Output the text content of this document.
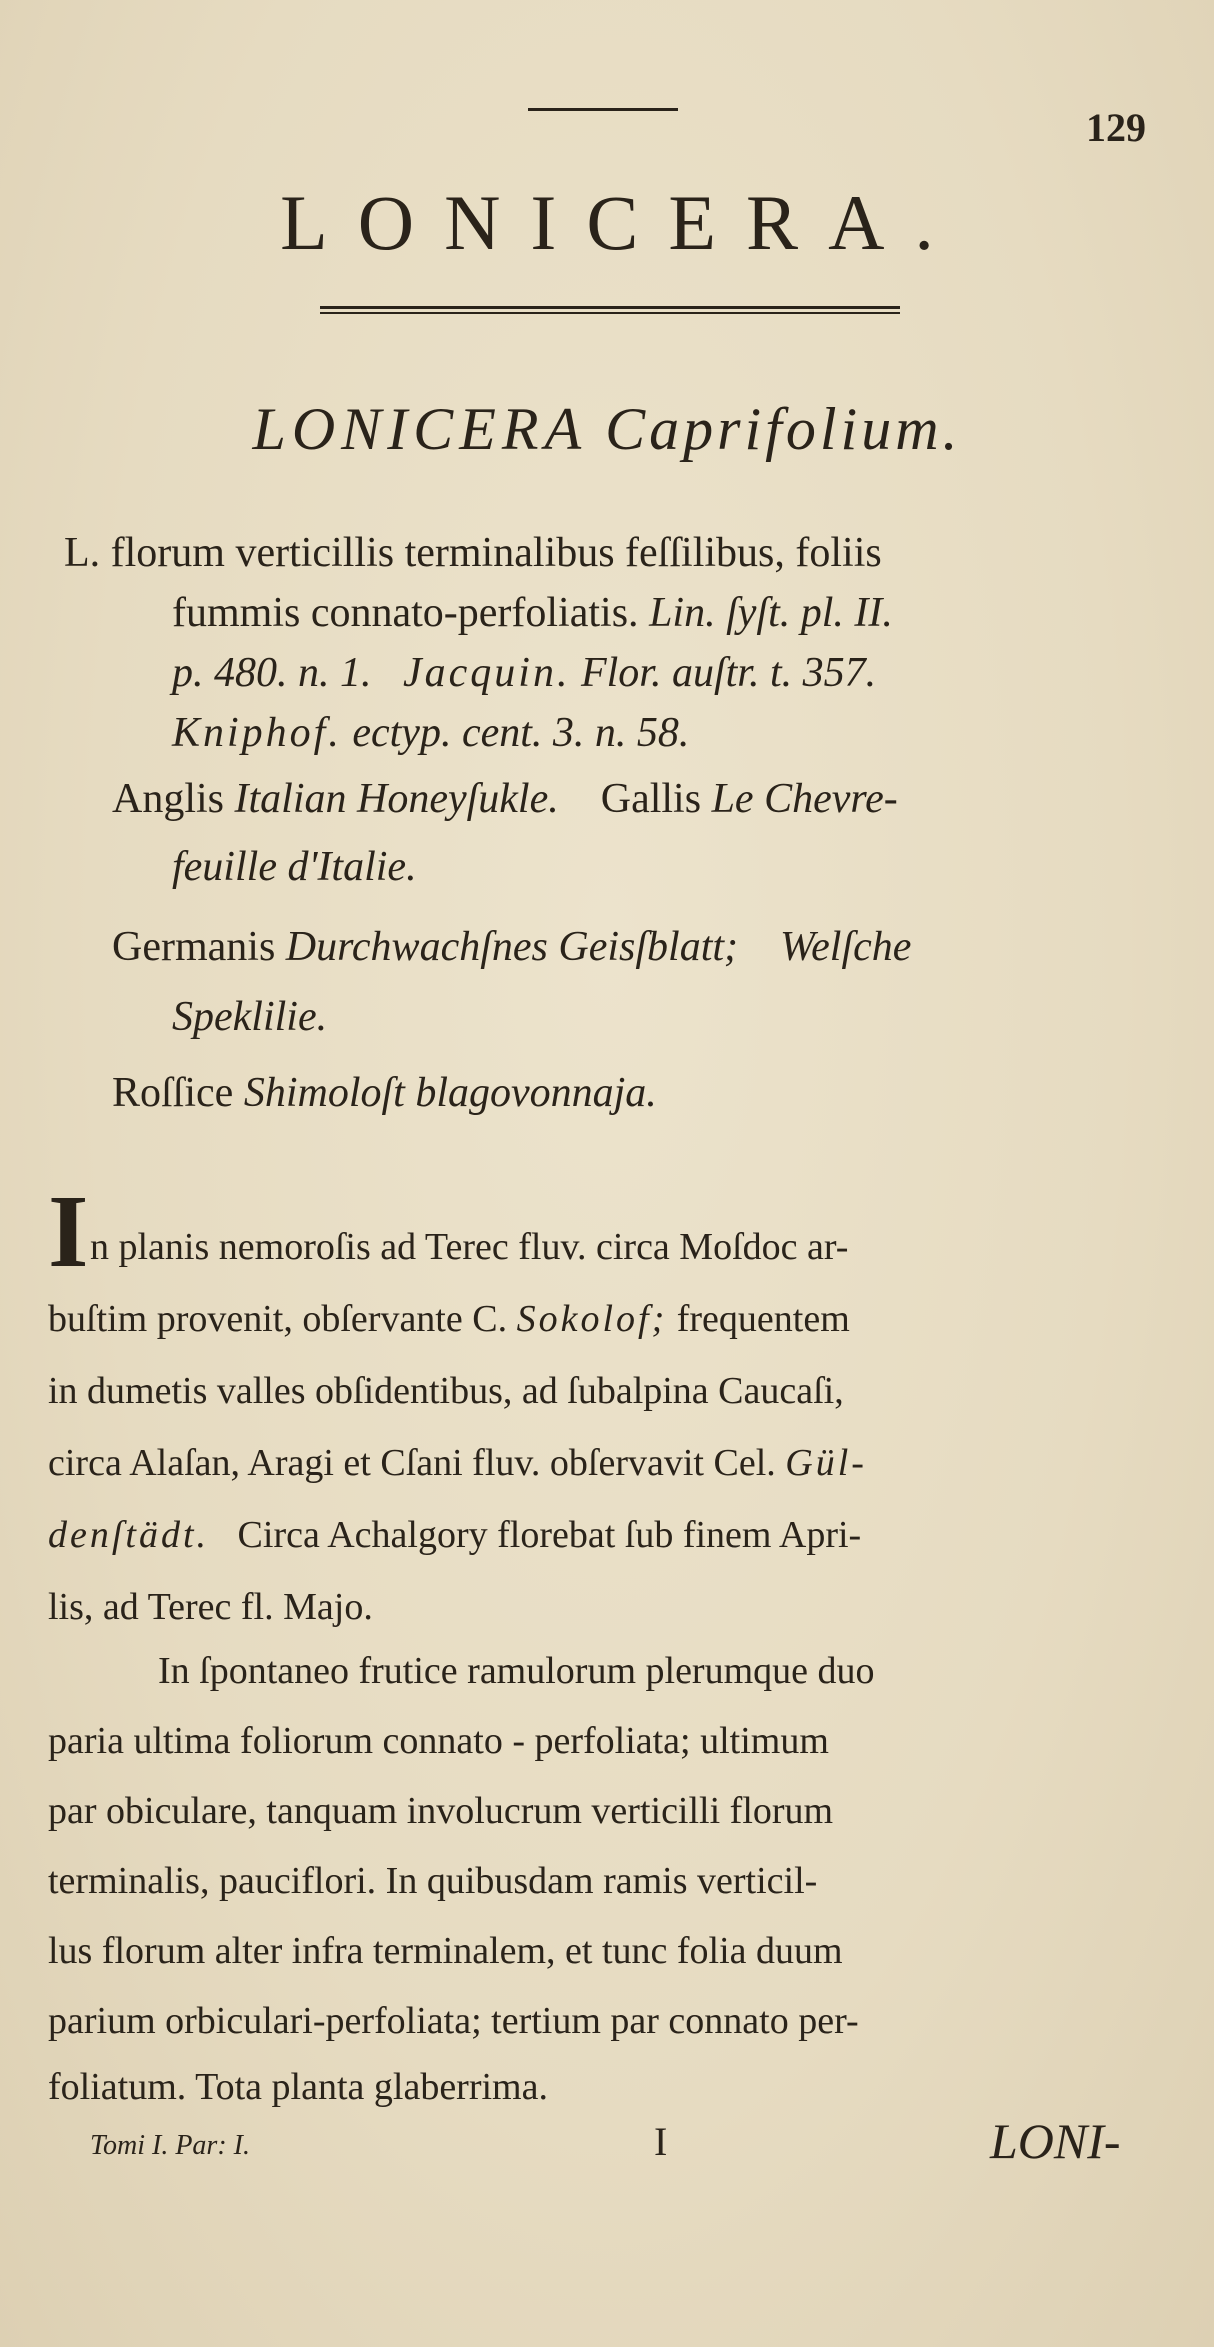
129
LONICERA.
LONICERA Caprifolium.
L. florum verticillis terminalibus feſſilibus, foliis
fummis connato-perfoliatis. Lin. ſyſt. pl. II.
p. 480. n. 1. Jacquin. Flor. auſtr. t. 357.
Kniphof. ectyp. cent. 3. n. 58.
Anglis Italian Honeyſukle. Gallis Le Chevre-
feuille d'Italie.
Germanis Durchwachſnes Geisſblatt; Welſche
Speklilie.
Roſſice Shimoloſt blagovonnaja.
I n planis nemoroſis ad Terec fluv. circa Moſdoc ar-
buſtim provenit, obſervante C. Sokolof; frequentem
in dumetis valles obſidentibus, ad ſubalpina Caucaſi,
circa Alaſan, Aragi et Cſani fluv. obſervavit Cel. Gül-
denſtädt. Circa Achalgory florebat ſub finem Apri-
lis, ad Terec fl. Majo.
In ſpontaneo frutice ramulorum plerumque duo
paria ultima foliorum connato - perfoliata; ultimum
par obiculare, tanquam involucrum verticilli florum
terminalis, pauciflori. In quibusdam ramis verticil-
lus florum alter infra terminalem, et tunc folia duum
parium orbiculari-perfoliata; tertium par connato per-
foliatum. Tota planta glaberrima.
Tomi I. Par: I.	I	LONI-
